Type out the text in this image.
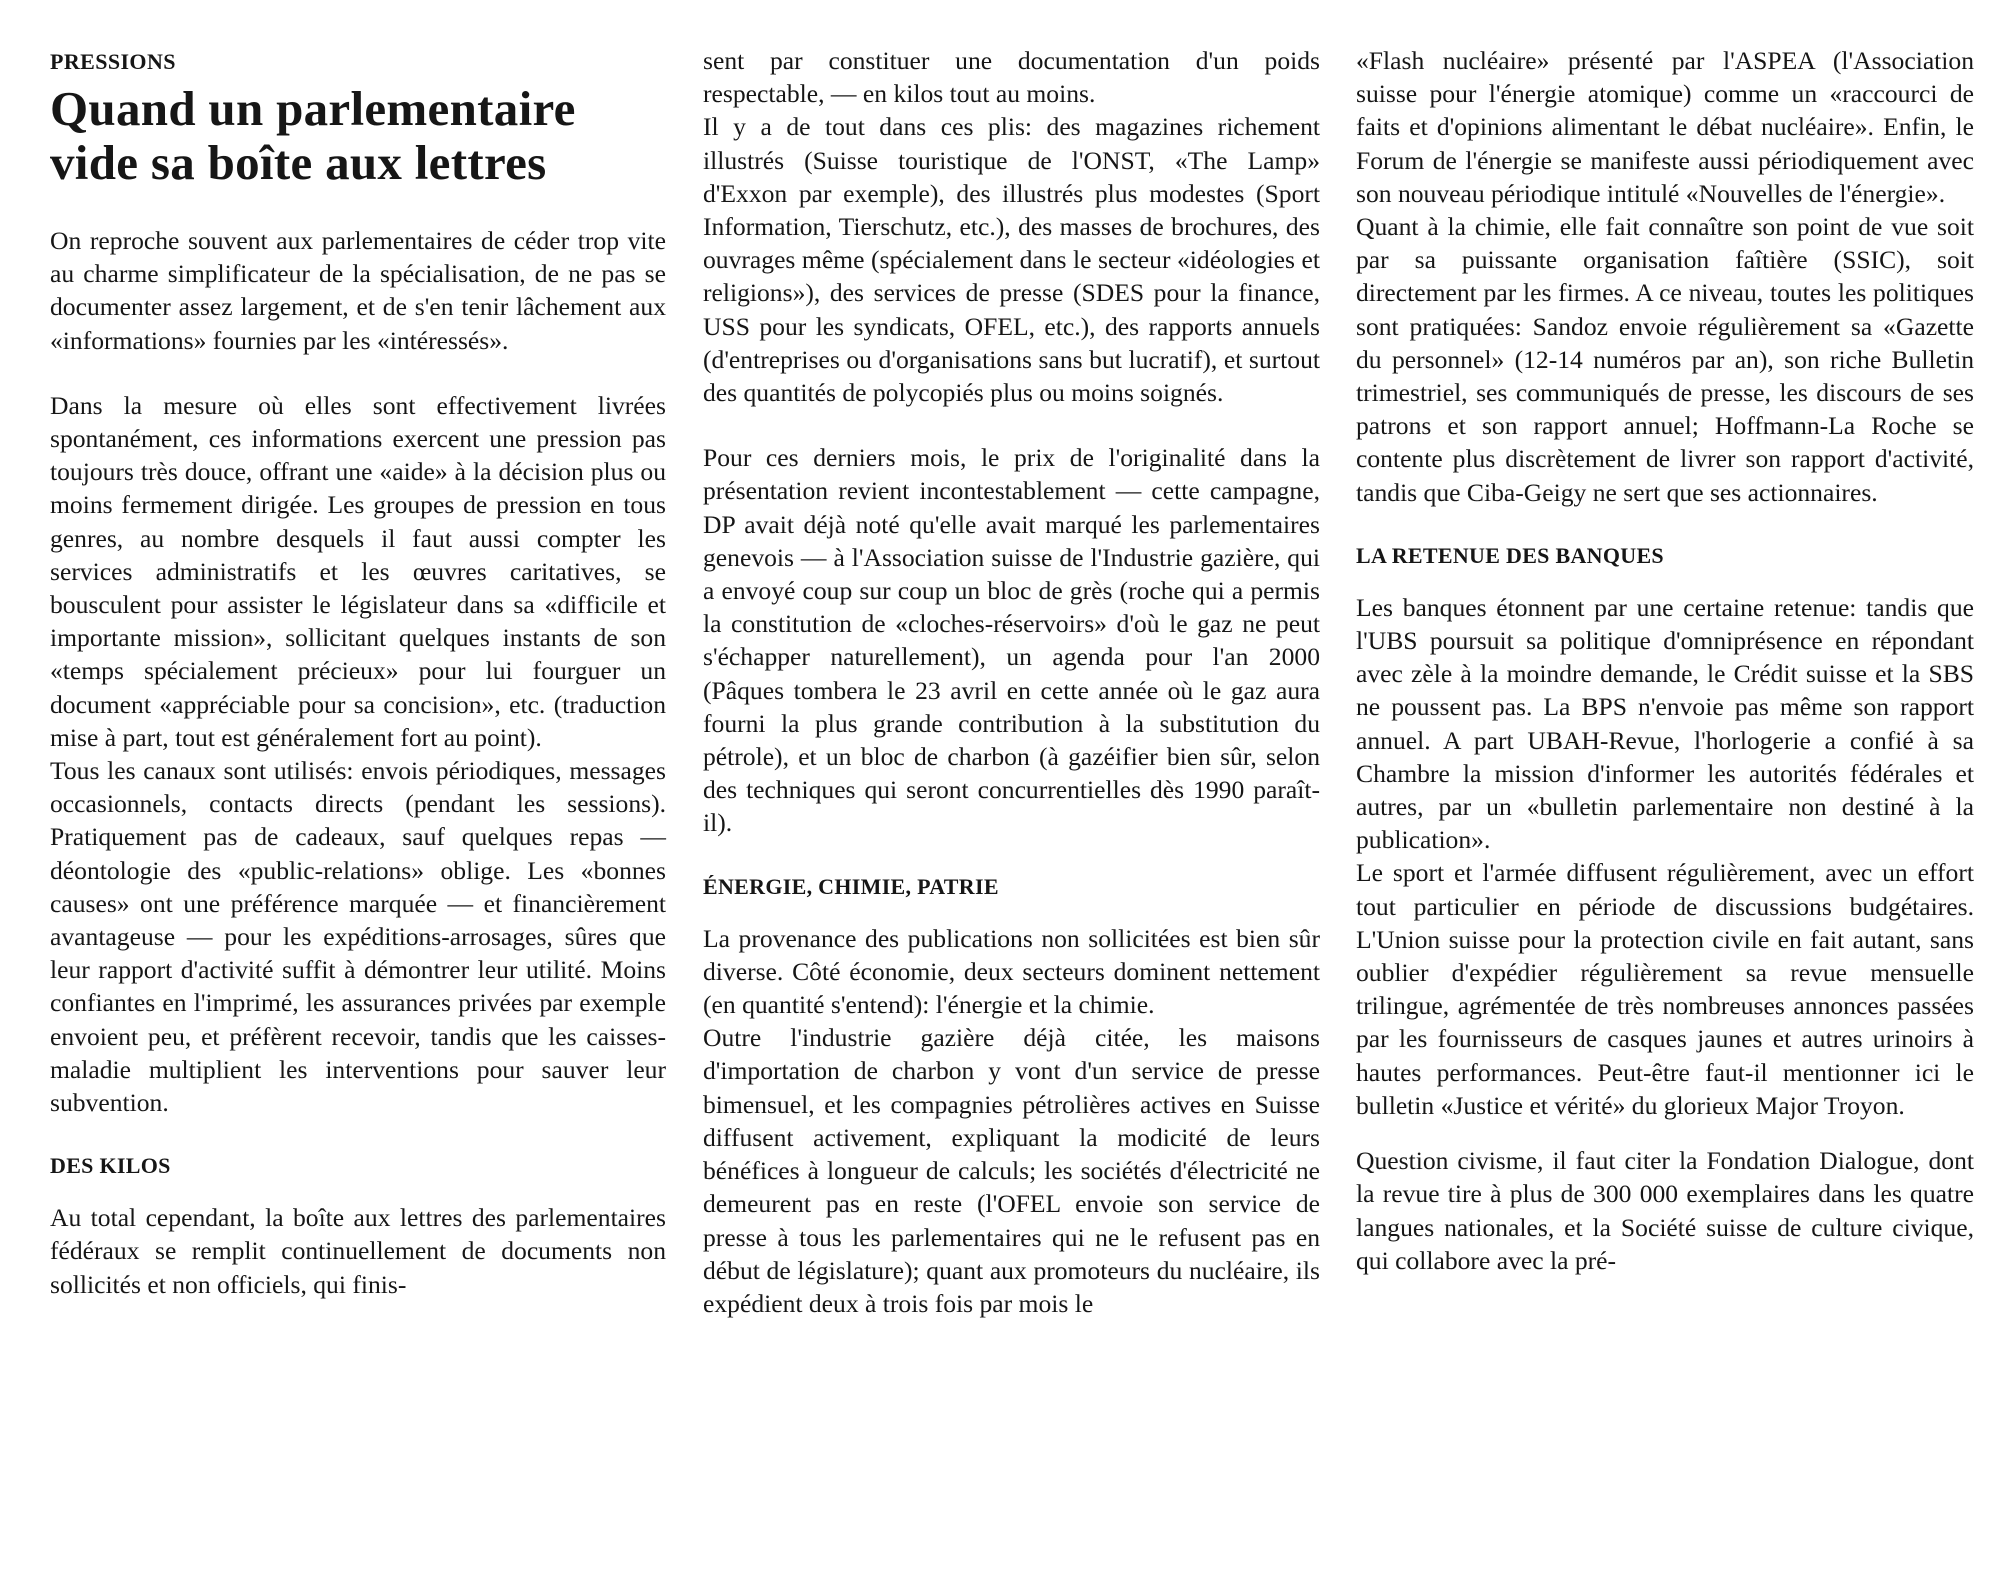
PRESSIONS
Quand un parlementaire vide sa boîte aux lettres

On reproche souvent aux parlementaires de céder trop vite au charme simplificateur de la spécialisation, de ne pas se documenter assez largement, et de s'en tenir lâchement aux «informations» fournies par les «intéressés».

Dans la mesure où elles sont effectivement livrées spontanément, ces informations exercent une pression pas toujours très douce, offrant une «aide» à la décision plus ou moins fermement dirigée. Les groupes de pression en tous genres, au nombre desquels il faut aussi compter les services administratifs et les œuvres caritatives, se bousculent pour assister le législateur dans sa «difficile et importante mission», sollicitant quelques instants de son «temps spécialement précieux» pour lui fourguer un document «appréciable pour sa concision», etc. (traduction mise à part, tout est généralement fort au point).

Tous les canaux sont utilisés: envois périodiques, messages occasionnels, contacts directs (pendant les sessions). Pratiquement pas de cadeaux, sauf quelques repas — déontologie des «public-relations» oblige. Les «bonnes causes» ont une préférence marquée — et financièrement avantageuse — pour les expéditions-arrosages, sûres que leur rapport d'activité suffit à démontrer leur utilité. Moins confiantes en l'imprimé, les assurances privées par exemple envoient peu, et préfèrent recevoir, tandis que les caisses-maladie multiplient les interventions pour sauver leur subvention.

DES KILOS

Au total cependant, la boîte aux lettres des parlementaires fédéraux se remplit continuellement de documents non sollicités et non officiels, qui finis-

sent par constituer une documentation d'un poids respectable, — en kilos tout au moins.

Il y a de tout dans ces plis: des magazines richement illustrés (Suisse touristique de l'ONST, «The Lamp» d'Exxon par exemple), des illustrés plus modestes (Sport Information, Tierschutz, etc.), des masses de brochures, des ouvrages même (spécialement dans le secteur «idéologies et religions»), des services de presse (SDES pour la finance, USS pour les syndicats, OFEL, etc.), des rapports annuels (d'entreprises ou d'organisations sans but lucratif), et surtout des quantités de polycopiés plus ou moins soignés.

Pour ces derniers mois, le prix de l'originalité dans la présentation revient incontestablement — cette campagne, DP avait déjà noté qu'elle avait marqué les parlementaires genevois — à l'Association suisse de l'Industrie gazière, qui a envoyé coup sur coup un bloc de grès (roche qui a permis la constitution de «cloches-réservoirs» d'où le gaz ne peut s'échapper naturellement), un agenda pour l'an 2000 (Pâques tombera le 23 avril en cette année où le gaz aura fourni la plus grande contribution à la substitution du pétrole), et un bloc de charbon (à gazéifier bien sûr, selon des techniques qui seront concurrentielles dès 1990 paraît-il).

ÉNERGIE, CHIMIE, PATRIE

La provenance des publications non sollicitées est bien sûr diverse. Côté économie, deux secteurs dominent nettement (en quantité s'entend): l'énergie et la chimie.

Outre l'industrie gazière déjà citée, les maisons d'importation de charbon y vont d'un service de presse bimensuel, et les compagnies pétrolières actives en Suisse diffusent activement, expliquant la modicité de leurs bénéfices à longueur de calculs; les sociétés d'électricité ne demeurent pas en reste (l'OFEL envoie son service de presse à tous les parlementaires qui ne le refusent pas en début de législature); quant aux promoteurs du nucléaire, ils expédient deux à trois fois par mois le

«Flash nucléaire» présenté par l'ASPEA (l'Association suisse pour l'énergie atomique) comme un «raccourci de faits et d'opinions alimentant le débat nucléaire». Enfin, le Forum de l'énergie se manifeste aussi périodiquement avec son nouveau périodique intitulé «Nouvelles de l'énergie».

Quant à la chimie, elle fait connaître son point de vue soit par sa puissante organisation faîtière (SSIC), soit directement par les firmes. A ce niveau, toutes les politiques sont pratiquées: Sandoz envoie régulièrement sa «Gazette du personnel» (12-14 numéros par an), son riche Bulletin trimestriel, ses communiqués de presse, les discours de ses patrons et son rapport annuel; Hoffmann-La Roche se contente plus discrètement de livrer son rapport d'activité, tandis que Ciba-Geigy ne sert que ses actionnaires.

LA RETENUE DES BANQUES

Les banques étonnent par une certaine retenue: tandis que l'UBS poursuit sa politique d'omniprésence en répondant avec zèle à la moindre demande, le Crédit suisse et la SBS ne poussent pas. La BPS n'envoie pas même son rapport annuel. A part UBAH-Revue, l'horlogerie a confié à sa Chambre la mission d'informer les autorités fédérales et autres, par un «bulletin parlementaire non destiné à la publication».

Le sport et l'armée diffusent régulièrement, avec un effort tout particulier en période de discussions budgétaires. L'Union suisse pour la protection civile en fait autant, sans oublier d'expédier régulièrement sa revue mensuelle trilingue, agrémentée de très nombreuses annonces passées par les fournisseurs de casques jaunes et autres urinoirs à hautes performances. Peut-être faut-il mentionner ici le bulletin «Justice et vérité» du glorieux Major Troyon.

Question civisme, il faut citer la Fondation Dialogue, dont la revue tire à plus de 300 000 exemplaires dans les quatre langues nationales, et la Société suisse de culture civique, qui collabore avec la pré-
